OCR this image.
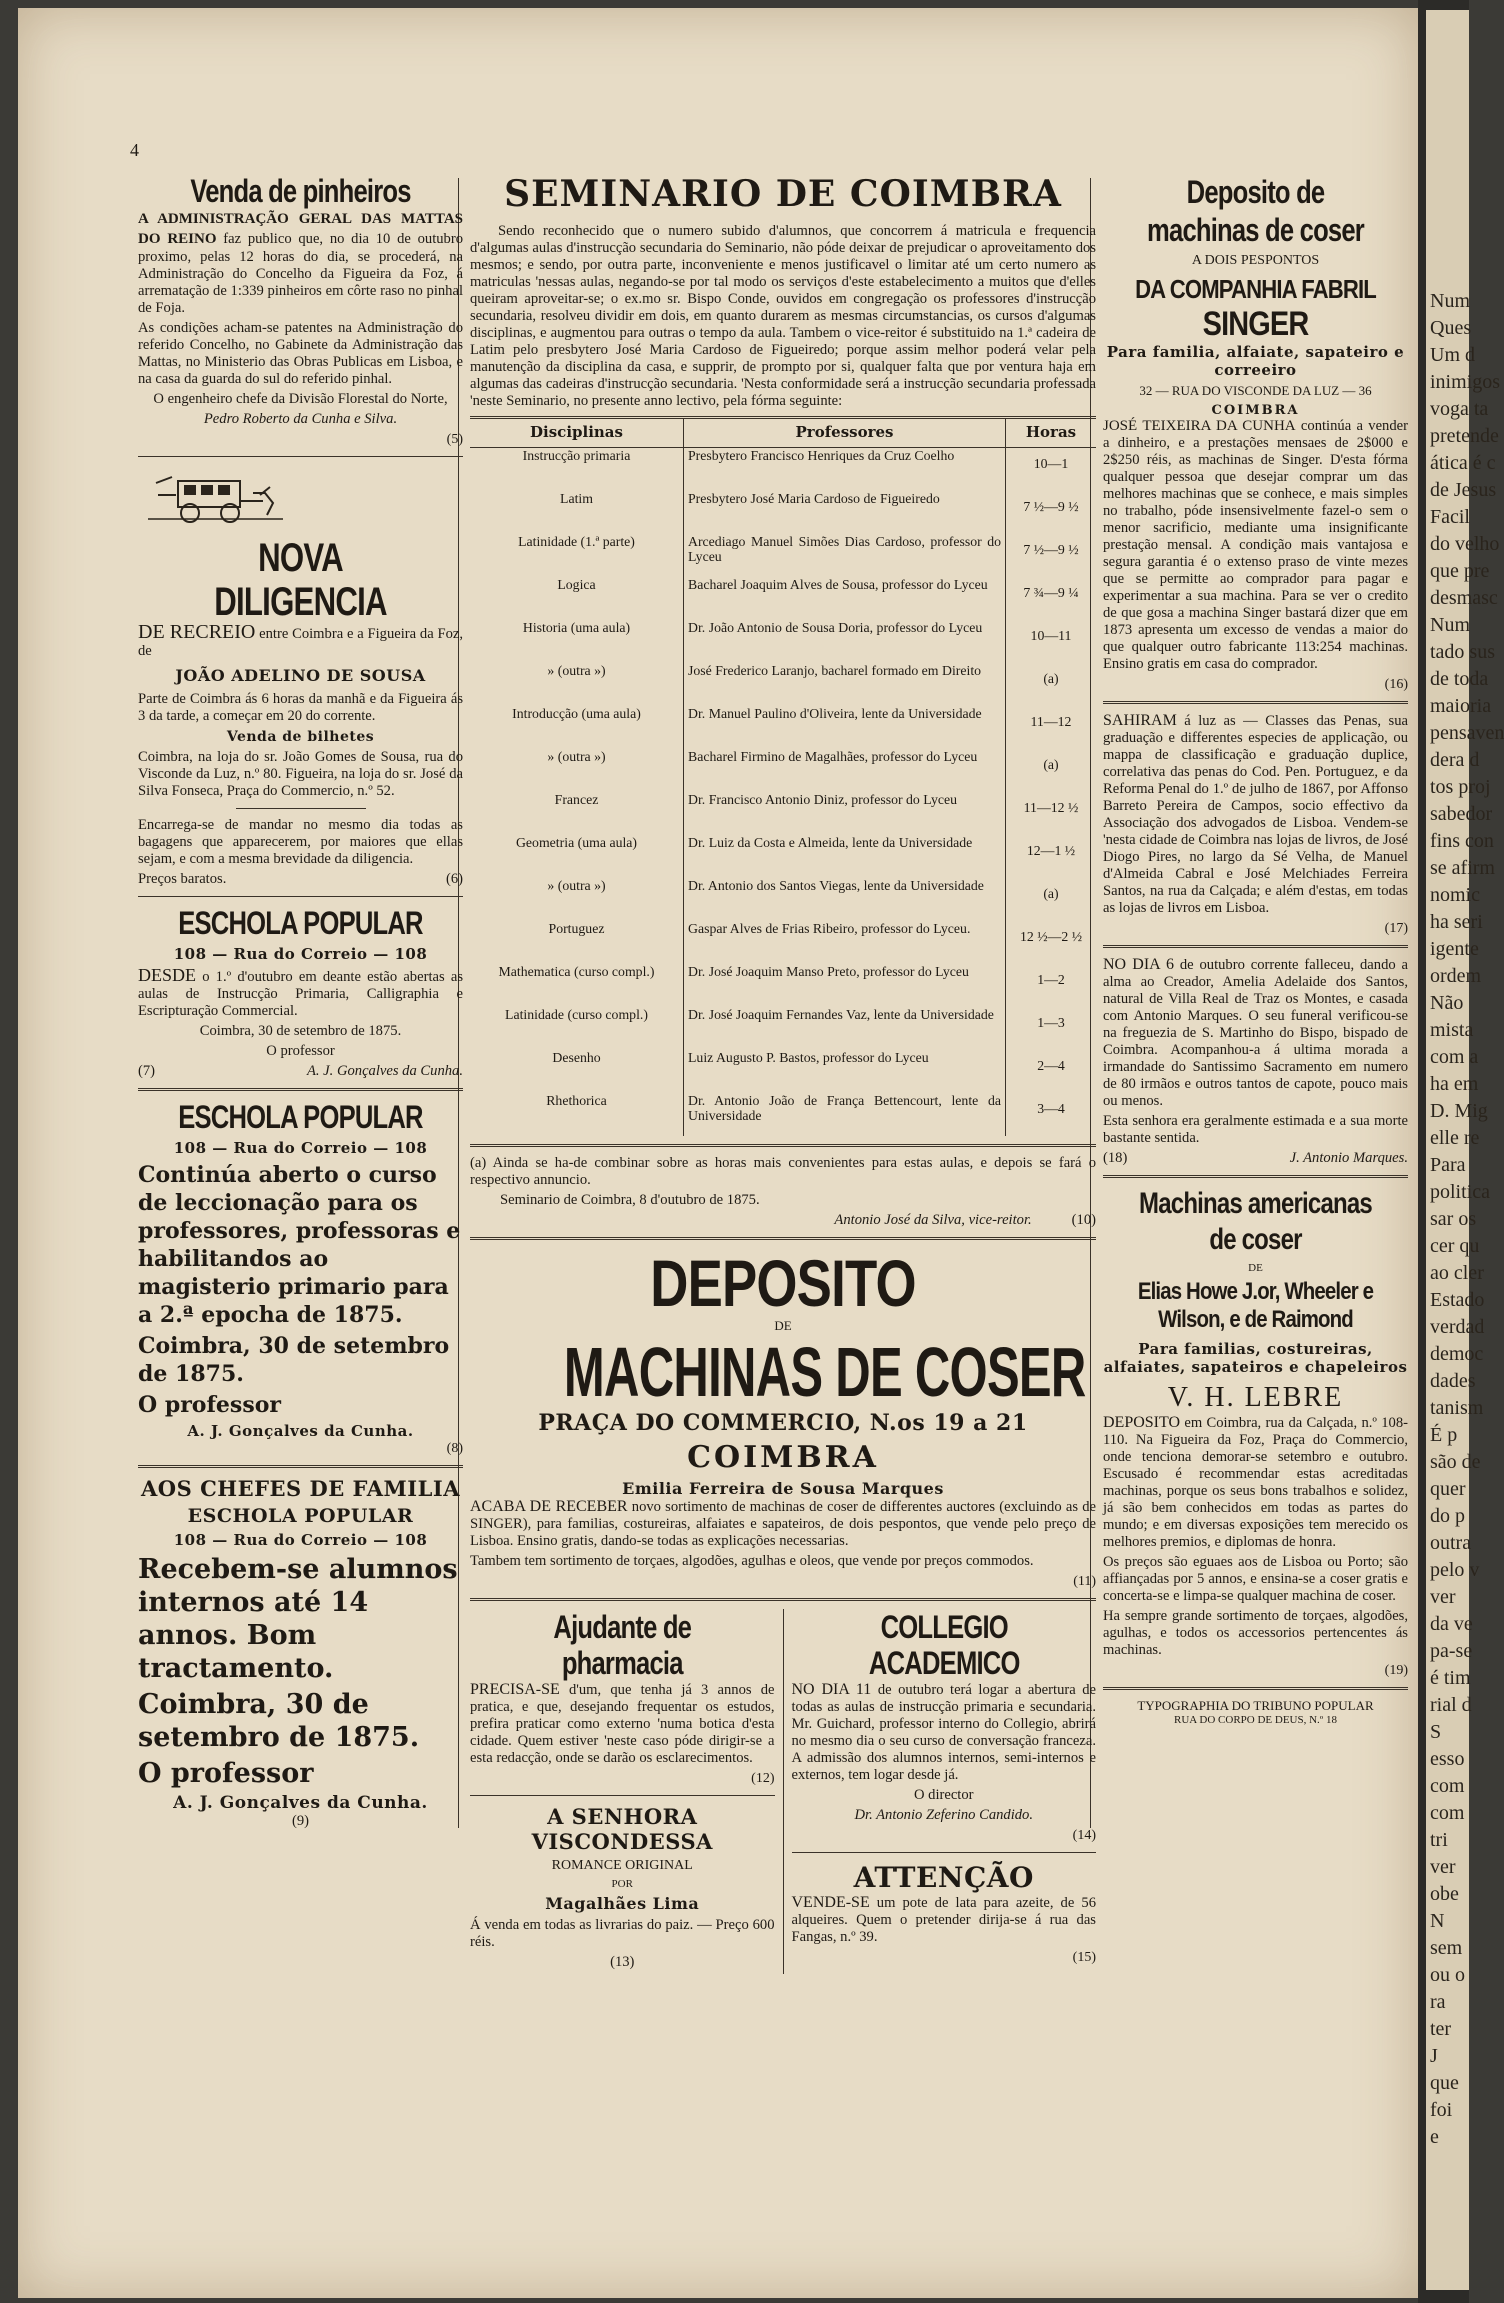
4
Venda de pinheiros

A ADMINISTRAÇÃO GERAL DAS MATTAS DO REINO faz publico que, no dia 10 de outubro proximo, pelas 12 horas do dia, se procederá, na Administração do Concelho da Figueira da Foz, á arrematação de 1:339 pinheiros em côrte raso no pinhal de Foja.

As condições acham-se patentes na Administração do referido Concelho, no Gabinete da Administração das Mattas, no Ministerio das Obras Publicas em Lisboa, e na casa da guarda do sul do referido pinhal.

O engenheiro chefe da Divisão Florestal do Norte,

Pedro Roberto da Cunha e Silva.

(5)

NOVA DILIGENCIA

DE RECREIO entre Coimbra e a Figueira da Foz, de

JOÃO ADELINO DE SOUSA

Parte de Coimbra ás 6 horas da manhã e da Figueira ás 3 da tarde, a começar em 20 do corrente.

Venda de bilhetes

Coimbra, na loja do sr. João Gomes de Sousa, rua do Visconde da Luz, n.º 80. Figueira, na loja do sr. José da Silva Fonseca, Praça do Commercio, n.º 52.

Encarrega-se de mandar no mesmo dia todas as bagagens que apparecerem, por maiores que ellas sejam, e com a mesma brevidade da diligencia.

Preços baratos.	(6)

ESCHOLA POPULAR
108 — Rua do Correio — 108

DESDE o 1.º d'outubro em deante estão abertas as aulas de Instrucção Primaria, Calligraphia e Escripturação Commercial.

Coimbra, 30 de setembro de 1875.

O professor

(7)	A. J. Gonçalves da Cunha.

ESCHOLA POPULAR
108 — Rua do Correio — 108

Continúa aberto o curso de leccionação para os professores, professoras e habilitandos ao magisterio primario para a 2.ª epocha de 1875.

Coimbra, 30 de setembro de 1875.

O professor

A. J. Gonçalves da Cunha.

(8)

AOS CHEFES DE FAMILIA
ESCHOLA POPULAR
108 — Rua do Correio — 108

Recebem-se alumnos internos até 14 annos. Bom tractamento.

Coimbra, 30 de setembro de 1875.

O professor

A. J. Gonçalves da Cunha.

(9)

SEMINARIO DE COIMBRA

Sendo reconhecido que o numero subido d'alumnos, que concorrem á matricula e frequencia d'algumas aulas d'instrucção secundaria do Seminario, não póde deixar de prejudicar o aproveitamento dos mesmos; e sendo, por outra parte, inconveniente e menos justificavel o limitar até um certo numero as matriculas 'nessas aulas, negando-se por tal modo os serviços d'este estabelecimento a muitos que d'elles queiram aproveitar-se; o ex.mo sr. Bispo Conde, ouvidos em congregação os professores d'instrucção secundaria, resolveu dividir em dois, em quanto durarem as mesmas circumstancias, os cursos d'algumas disciplinas, e augmentou para outras o tempo da aula. Tambem o vice-reitor é substituido na 1.ª cadeira de Latim pelo presbytero José Maria Cardoso de Figueiredo; porque assim melhor poderá velar pela manutenção da disciplina da casa, e supprir, de prompto por si, qualquer falta que por ventura haja em algumas das cadeiras d'instrucção secundaria. 'Nesta conformidade será a instrucção secundaria professada 'neste Seminario, no presente anno lectivo, pela fórma seguinte:

Disciplinas	Professores	Horas
Instrucção primaria	Presbytero Francisco Henriques da Cruz Coelho	10—1
Latim	Presbytero José Maria Cardoso de Figueiredo	7 ½—9 ½
Latinidade (1.ª parte)	Arcediago Manuel Simões Dias Cardoso, professor do Lyceu	7 ½—9 ½
Logica	Bacharel Joaquim Alves de Sousa, professor do Lyceu	7 ¾—9 ¼
Historia (uma aula)	Dr. João Antonio de Sousa Doria, professor do Lyceu	10—11
» (outra »)	José Frederico Laranjo, bacharel formado em Direito	(a)
Introducção (uma aula)	Dr. Manuel Paulino d'Oliveira, lente da Universidade	11—12
» (outra »)	Bacharel Firmino de Magalhães, professor do Lyceu	(a)
Francez	Dr. Francisco Antonio Diniz, professor do Lyceu	11—12 ½
Geometria (uma aula)	Dr. Luiz da Costa e Almeida, lente da Universidade	12—1 ½
» (outra »)	Dr. Antonio dos Santos Viegas, lente da Universidade	(a)
Portuguez	Gaspar Alves de Frias Ribeiro, professor do Lyceu.	12 ½—2 ½
Mathematica (curso compl.)	Dr. José Joaquim Manso Preto, professor do Lyceu	1—2
Latinidade (curso compl.)	Dr. José Joaquim Fernandes Vaz, lente da Universidade	1—3
Desenho	Luiz Augusto P. Bastos, professor do Lyceu	2—4
Rhethorica	Dr. Antonio João de França Bettencourt, lente da Universidade	3—4

(a) Ainda se ha-de combinar sobre as horas mais convenientes para estas aulas, e depois se fará o respectivo annuncio.

Seminario de Coimbra, 8 d'outubro de 1875.

Antonio José da Silva, vice-reitor.	(10)

DEPOSITO
DE
MACHINAS DE COSER
PRAÇA DO COMMERCIO, N.os 19 a 21
COIMBRA
Emilia Ferreira de Sousa Marques

ACABA DE RECEBER novo sortimento de machinas de coser de differentes auctores (excluindo as de SINGER), para familias, costureiras, alfaiates e sapateiros, de dois pespontos, que vende pelo preço de Lisboa. Ensino gratis, dando-se todas as explicações necessarias.

Tambem tem sortimento de torçaes, algodões, agulhas e oleos, que vende por preços commodos.

(11)

Ajudante de pharmacia

PRECISA-SE d'um, que tenha já 3 annos de pratica, e que, desejando frequentar os estudos, prefira praticar como externo 'numa botica d'esta cidade. Quem estiver 'neste caso póde dirigir-se a esta redacção, onde se darão os esclarecimentos.

(12)

A SENHORA VISCONDESSA
ROMANCE ORIGINAL
POR
Magalhães Lima

Á venda em todas as livrarias do paiz. — Preço 600 réis.

(13)

COLLEGIO ACADEMICO

NO DIA 11 de outubro terá logar a abertura de todas as aulas de instrucção primaria e secundaria. Mr. Guichard, professor interno do Collegio, abrirá no mesmo dia o seu curso de conversação franceza. A admissão dos alumnos internos, semi-internos e externos, tem logar desde já.

O director

Dr. Antonio Zeferino Candido.

(14)

ATTENÇÃO

VENDE-SE um pote de lata para azeite, de 56 alqueires. Quem o pretender dirija-se á rua das Fangas, n.º 39.

(15)

Deposito de machinas de coser
A DOIS PESPONTOS
DA COMPANHIA FABRIL
SINGER
Para familia, alfaiate, sapateiro e correeiro
32 — RUA DO VISCONDE DA LUZ — 36
COIMBRA

JOSÉ TEIXEIRA DA CUNHA continúa a vender a dinheiro, e a prestações mensaes de 2$000 e 2$250 réis, as machinas de Singer. D'esta fórma qualquer pessoa que desejar comprar um das melhores machinas que se conhece, e mais simples no trabalho, póde insensivelmente fazel-o sem o menor sacrificio, mediante uma insignificante prestação mensal. A condição mais vantajosa e segura garantia é o extenso praso de vinte mezes que se permitte ao comprador para pagar e experimentar a sua machina. Para se ver o credito de que gosa a machina Singer bastará dizer que em 1873 apresenta um excesso de vendas a maior do que qualquer outro fabricante 113:254 machinas. Ensino gratis em casa do comprador.

(16)

SAHIRAM á luz as — Classes das Penas, sua graduação e differentes especies de applicação, ou mappa de classificação e graduação duplice, correlativa das penas do Cod. Pen. Portuguez, e da Reforma Penal do 1.º de julho de 1867, por Affonso Barreto Pereira de Campos, socio effectivo da Associação dos advogados de Lisboa. Vendem-se 'nesta cidade de Coimbra nas lojas de livros, de José Diogo Pires, no largo da Sé Velha, de Manuel d'Almeida Cabral e José Melchiades Ferreira Santos, na rua da Calçada; e além d'estas, em todas as lojas de livros em Lisboa.

(17)

NO DIA 6 de outubro corrente falleceu, dando a alma ao Creador, Amelia Adelaide dos Santos, natural de Villa Real de Traz os Montes, e casada com Antonio Marques. O seu funeral verificou-se na freguezia de S. Martinho do Bispo, bispado de Coimbra. Acompanhou-a á ultima morada a irmandade do Santissimo Sacramento em numero de 80 irmãos e outros tantos de capote, pouco mais ou menos.

Esta senhora era geralmente estimada e a sua morte bastante sentida.

(18)	J. Antonio Marques.

Machinas americanas
de coser
DE
Elias Howe J.or, Wheeler e Wilson, e de Raimond
Para familias, costureiras, alfaiates, sapateiros e chapeleiros
V. H. LEBRE

DEPOSITO em Coimbra, rua da Calçada, n.º 108-110. Na Figueira da Foz, Praça do Commercio, onde tenciona demorar-se setembro e outubro. Escusado é recommendar estas acreditadas machinas, porque os seus bons trabalhos e solidez, já são bem conhecidos em todas as partes do mundo; e em diversas exposições tem merecido os melhores premios, e diplomas de honra.

Os preços são eguaes aos de Lisboa ou Porto; são affiançadas por 5 annos, e ensina-se a coser gratis e concerta-se e limpa-se qualquer machina de coser.

Ha sempre grande sortimento de torçaes, algodões, agulhas, e todos os accessorios pertencentes ás machinas.

(19)

TYPOGRAPHIA DO TRIBUNO POPULAR
RUA DO CORPO DE DEUS, N.º 18
Num
Ques
Um d
inimigos
voga ta
pretende
ática é c
de Jesus
Facil
do velho
que pre
desmasc
Num
tado sus
de toda
maioria
pensaven
dera d
tos proj
sabedor
fins con
se afirm
nomic
ha seri
igente
ordem
Não
mista
com a
ha em
D. Mig
elle re
Para
politica
sar os
cer qu
ao cler
Estado
verdad
democ
dades
tanism
É p
são de
quer
do p
outra
pelo v
ver
da ve
pa-se
é tim
rial d
S
esso
com
com
tri
ver
obe
N
sem
ou o
ra
ter
J
que
foi
e
